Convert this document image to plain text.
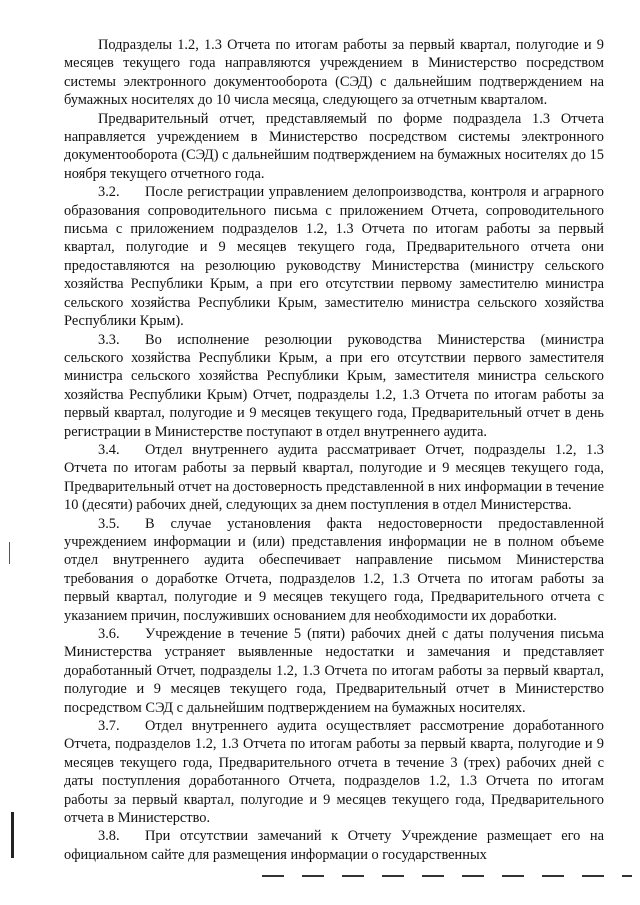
Подразделы 1.2, 1.3 Отчета по итогам работы за первый квартал, полугодие и 9 месяцев текущего года направляются учреждением в Министерство посредством системы электронного документооборота (СЭД) с дальнейшим подтверждением на бумажных носителях до 10 числа месяца, следующего за отчетным кварталом.

Предварительный отчет, представляемый по форме подраздела 1.3 Отчета направляется учреждением в Министерство посредством системы электронного документооборота (СЭД) с дальнейшим подтверждением на бумажных носителях до 15 ноября текущего отчетного года.

3.2. После регистрации управлением делопроизводства, контроля и аграрного образования сопроводительного письма с приложением Отчета, сопроводительного письма с приложением подразделов 1.2, 1.3 Отчета по итогам работы за первый квартал, полугодие и 9 месяцев текущего года, Предварительного отчета они предоставляются на резолюцию руководству Министерства (министру сельского хозяйства Республики Крым, а при его отсутствии первому заместителю министра сельского хозяйства Республики Крым, заместителю министра сельского хозяйства Республики Крым).

3.3. Во исполнение резолюции руководства Министерства (министра сельского хозяйства Республики Крым, а при его отсутствии первого заместителя министра сельского хозяйства Республики Крым, заместителя министра сельского хозяйства Республики Крым) Отчет, подразделы 1.2, 1.3 Отчета по итогам работы за первый квартал, полугодие и 9 месяцев текущего года, Предварительный отчет в день регистрации в Министерстве поступают в отдел внутреннего аудита.

3.4. Отдел внутреннего аудита рассматривает Отчет, подразделы 1.2, 1.3 Отчета по итогам работы за первый квартал, полугодие и 9 месяцев текущего года, Предварительный отчет на достоверность представленной в них информации в течение 10 (десяти) рабочих дней, следующих за днем поступления в отдел Министерства.

3.5. В случае установления факта недостоверности предоставленной учреждением информации и (или) представления информации не в полном объеме отдел внутреннего аудита обеспечивает направление письмом Министерства требования о доработке Отчета, подразделов 1.2, 1.3 Отчета по итогам работы за первый квартал, полугодие и 9 месяцев текущего года, Предварительного отчета с указанием причин, послуживших основанием для необходимости их доработки.

3.6. Учреждение в течение 5 (пяти) рабочих дней с даты получения письма Министерства устраняет выявленные недостатки и замечания и представляет доработанный Отчет, подразделы 1.2, 1.3 Отчета по итогам работы за первый квартал, полугодие и 9 месяцев текущего года, Предварительный отчет в Министерство посредством СЭД с дальнейшим подтверждением на бумажных носителях.

3.7. Отдел внутреннего аудита осуществляет рассмотрение доработанного Отчета, подразделов 1.2, 1.3 Отчета по итогам работы за первый кварта, полугодие и 9 месяцев текущего года, Предварительного отчета в течение 3 (трех) рабочих дней с даты поступления доработанного Отчета, подразделов 1.2, 1.3 Отчета по итогам работы за первый квартал, полугодие и 9 месяцев текущего года, Предварительного отчета в Министерство.

3.8. При отсутствии замечаний к Отчету Учреждение размещает его на официальном сайте для размещения информации о государственных
